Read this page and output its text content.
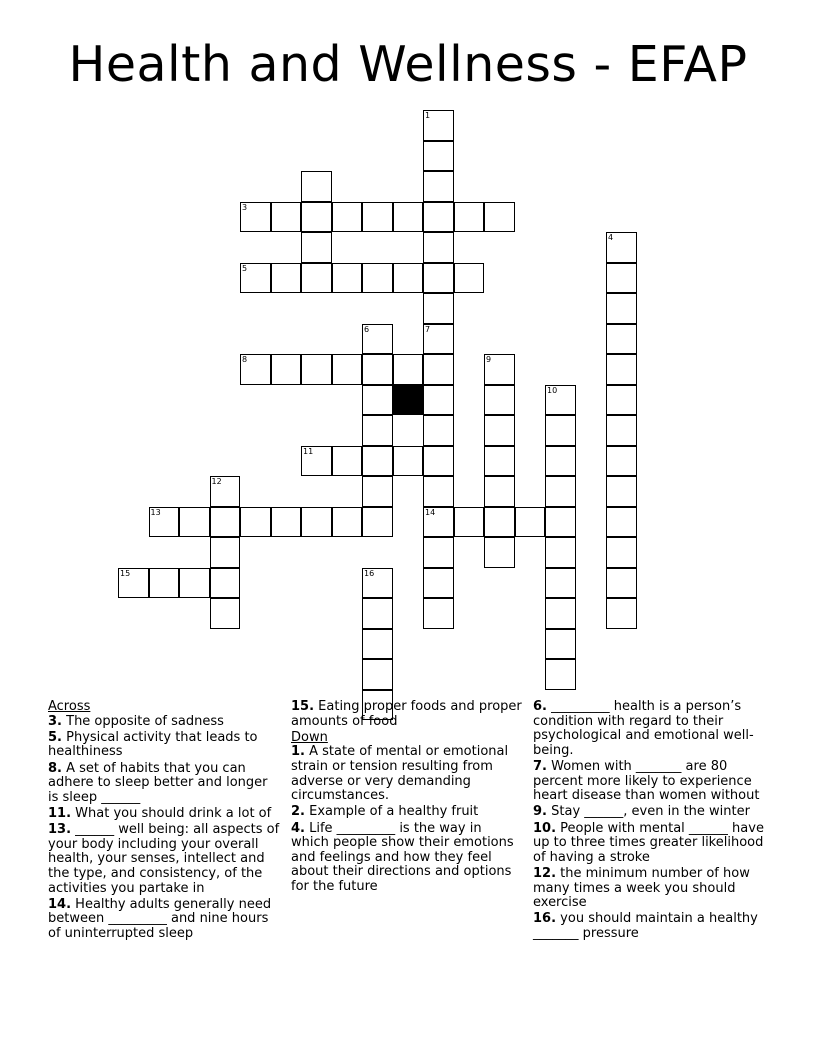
Health and Wellness - EFAP
3
5
8
11
13	14
15
1
7
4
6
9
10
12
16
Across
3. The opposite of sadness
5. Physical activity that leads to healthiness
8. A set of habits that you can adhere to sleep better and longer is sleep ______
11. What you should drink a lot of
13. ______ well being: all aspects of your body including your overall health, your senses, intellect and the type, and consistency, of the activities you partake in
14. Healthy adults generally need between _________ and nine hours of uninterrupted sleep
15. Eating proper foods and proper amounts of food
Down
1. A state of mental or emotional strain or tension resulting from adverse or very demanding circumstances.
2. Example of a healthy fruit
4. Life _________ is the way in which people show their emotions and feelings and how they feel about their directions and options for the future
6. _________ health is a person’s condition with regard to their psychological and emotional well-being.
7. Women with _______ are 80 percent more likely to experience heart disease than women without
9. Stay ______, even in the winter
10. People with mental ______ have up to three times greater likelihood of having a stroke
12. the minimum number of how many times a week you should exercise
16. you should maintain a healthy _______ pressure
